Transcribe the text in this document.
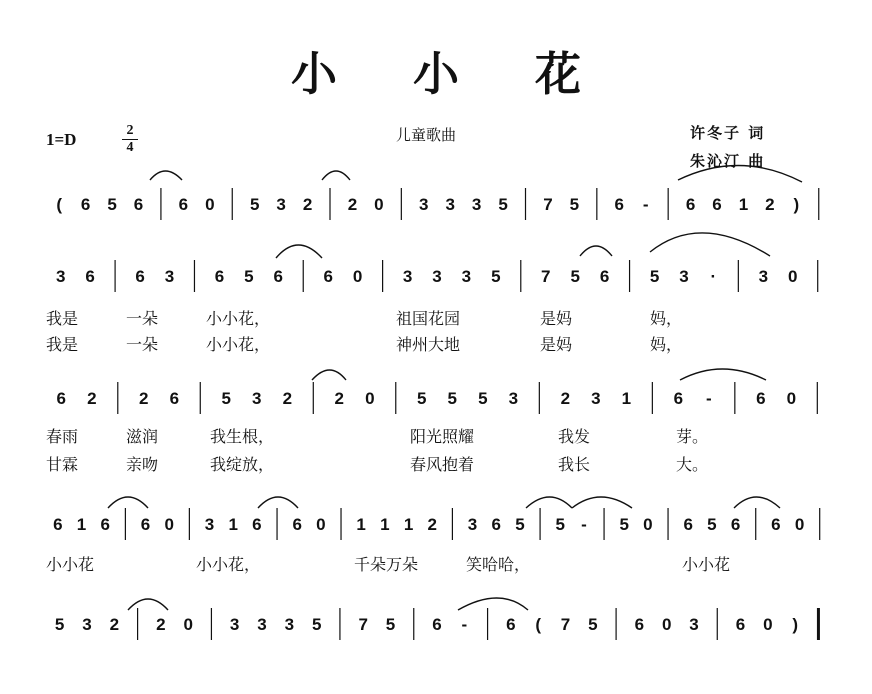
小 小 花
1=D	2
4
儿童歌曲	许冬子 词
朱沁汀 曲
( 6 5 6 6 0 5 3 2 2 0 3 3 3 5 7 5 6 - 6 6 1 2 )
3 6 6 3 6 5 6 6 0 3 3 3 5 7 5 6 5 3 · 3 0
6 2 2 6 5 3 2 2 0 5 5 5 3 2 3 1 6 -	6 0
6 1 6 6 0 3 1 6 6 0 1 1 1 2 3 6 5 5 - 5 0 6 5 6 6 0
5 3 2 2 0 3 3 3 5 7 5 6 - 6 ( 7 5 6 0 3 6 0 )
我是	一朵	小小花，	祖国花园	是妈	妈，
我是	一朵	小小花，	神州大地	是妈	妈，
春雨	滋润	我生根，	阳光照耀	我发	芽。
甘霖	亲吻	我绽放，	春风抱着	我长	大。
小小花	小小花，	千朵万朵	笑哈哈，	小小花
